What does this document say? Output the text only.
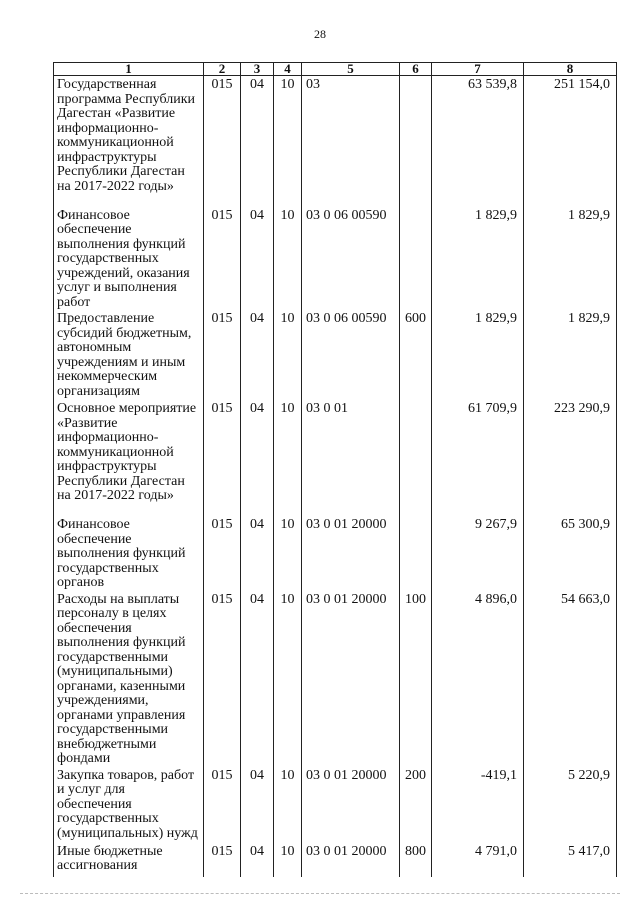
28
1	2	3	4	5	6	7	8
Государственная программа Республики Дагестан «Развитие информационно-коммуникационной инфраструктуры Республики Дагестан на 2017-2022 годы»	015	04	10	03		63 539,8	251 154,0
Финансовое обеспечение выполнения функций государственных учреждений, оказания услуг и выполнения работ	015	04	10	03 0 06 00590		1 829,9	1 829,9
Предоставление субсидий бюджетным, автономным учреждениям и иным некоммерческим организациям	015	04	10	03 0 06 00590	600	1 829,9	1 829,9
Основное мероприятие «Развитие информационно-коммуникационной инфраструктуры Республики Дагестан на 2017-2022 годы»	015	04	10	03 0 01		61 709,9	223 290,9
Финансовое обеспечение выполнения функций государственных органов	015	04	10	03 0 01 20000		9 267,9	65 300,9
Расходы на выплаты персоналу в целях обеспечения выполнения функций государственными (муниципальными) органами, казенными учреждениями, органами управления государственными внебюджетными фондами	015	04	10	03 0 01 20000	100	4 896,0	54 663,0
Закупка товаров, работ и услуг для обеспечения государственных (муниципальных) нужд	015	04	10	03 0 01 20000	200	-419,1	5 220,9
Иные бюджетные ассигнования	015	04	10	03 0 01 20000	800	4 791,0	5 417,0
